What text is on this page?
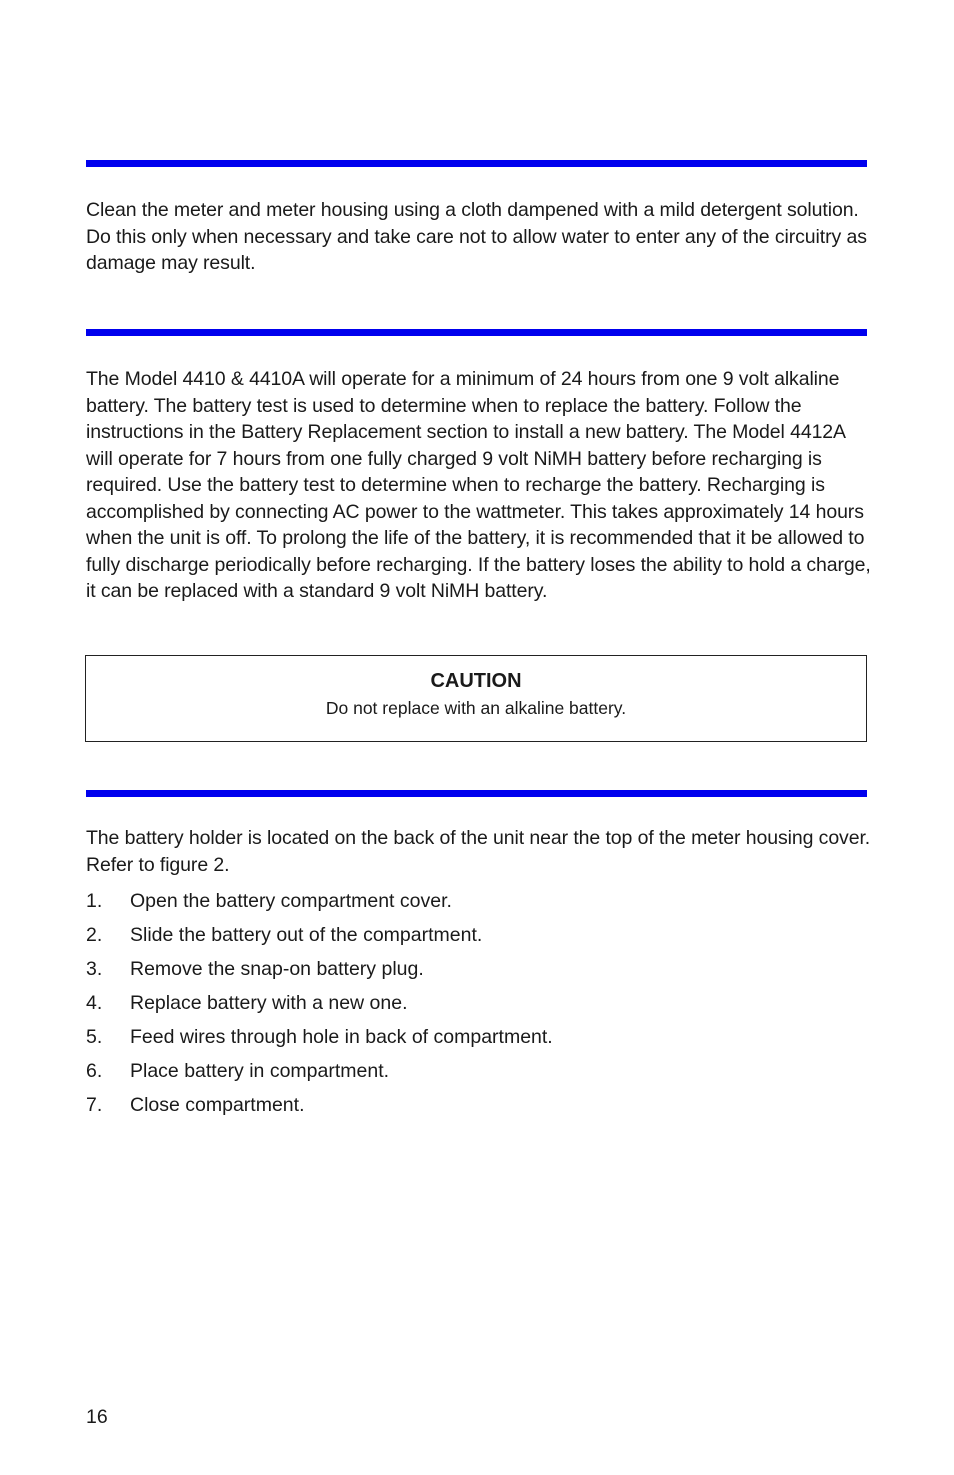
Clean the meter and meter housing using a cloth dampened with a mild detergent solution. Do this only when necessary and take care not to allow water to enter any of the circuitry as damage may result.

The Model 4410 & 4410A will operate for a minimum of 24 hours from one 9 volt alkaline battery. The battery test is used to determine when to replace the battery. Follow the instructions in the Battery Replacement section to install a new battery. The Model 4412A will operate for 7 hours from one fully charged 9 volt NiMH battery before recharging is required. Use the battery test to determine when to recharge the battery. Recharging is accomplished by connecting AC power to the wattmeter. This takes approximately 14 hours when the unit is off. To prolong the life of the battery, it is recommended that it be allowed to fully discharge periodically before recharging. If the battery loses the ability to hold a charge, it can be replaced with a standard 9 volt NiMH battery.

CAUTION
Do not replace with an alkaline battery.

The battery holder is located on the back of the unit near the top of the meter housing cover. Refer to figure 2.

1. Open the battery compartment cover.
2. Slide the battery out of the compartment.
3. Remove the snap-on battery plug.
4. Replace battery with a new one.
5. Feed wires through hole in back of compartment.
6. Place battery in compartment.
7. Close compartment.
16
